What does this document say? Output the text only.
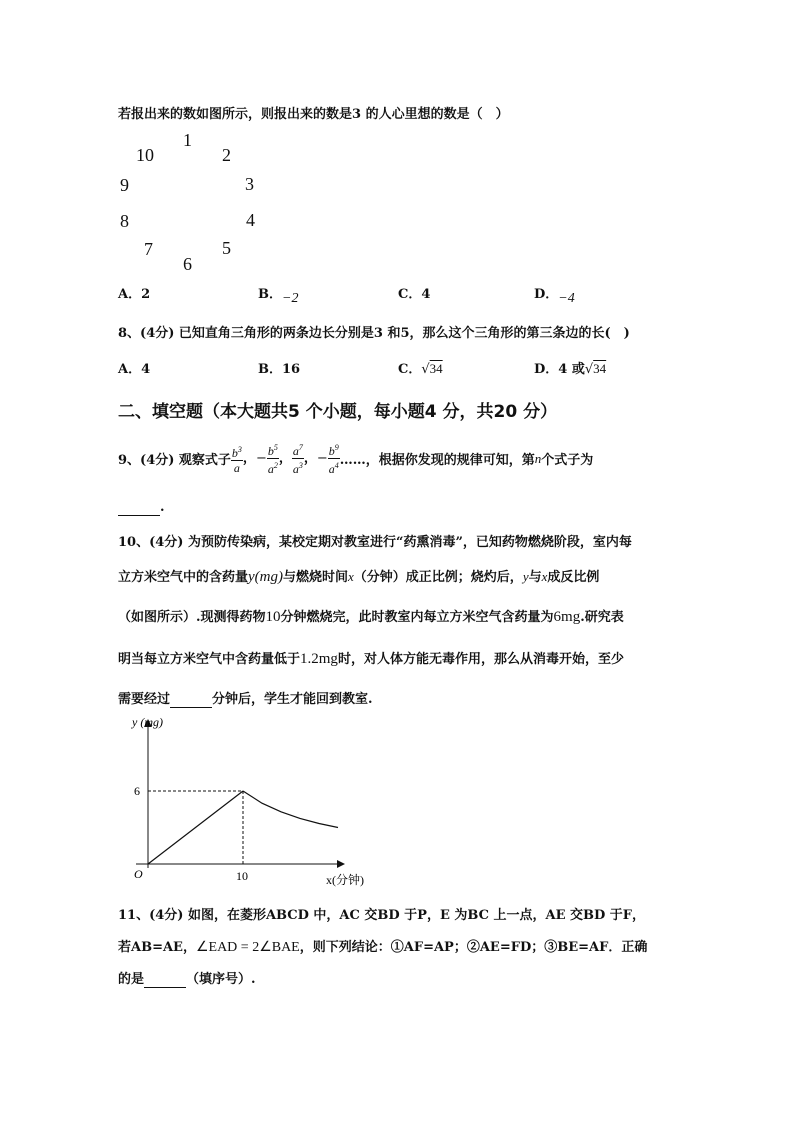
若报出来的数如图所示，则报出来的数是3 的人心里想的数是（　）
1
2
3
4
5
6
7
8
9
10
A．2	B．−2	C．4	D．−4
8、(4分) 已知直角三角形的两条边长分别是3 和5，那么这个三角形的第三条边的长(　)
A．4	B．16	C．√34	D．4 或√34
二、填空题（本大题共5 个小题，每小题4 分，共20 分）
9、(4分) 观察式子 $\frac{b^3}{a}$ ，− $\frac{b^5}{a^2}$ ， $\frac{a^7}{a^3}$ ，− $\frac{b^9}{a^4}$ ……，根据你发现的规律可知，第 n 个式子为
.
10、(4分) 为预防传染病，某校定期对教室进行“药熏消毒”，已知药物燃烧阶段，室内每
立方米空气中的含药量y(mg)与燃烧时间x（分钟）成正比例；烧灼后，y与x成反比例
（如图所示）.现测得药物10分钟燃烧完，此时教室内每立方米空气含药量为6mg.研究表
明当每立方米空气中含药量低于1.2mg时，对人体方能无毒作用，那么从消毒开始，至少
需要经过	分钟后，学生才能回到教室.
y (mg)
6
O	10	x(分钟)
11、(4分) 如图，在菱形ABCD 中，AC 交BD 于P，E 为BC 上一点，AE 交BD 于F，
若AB=AE，∠EAD = 2∠BAE，则下列结论：①AF=AP；②AE=FD；③BE=AF．正确
的是	（填序号）.
